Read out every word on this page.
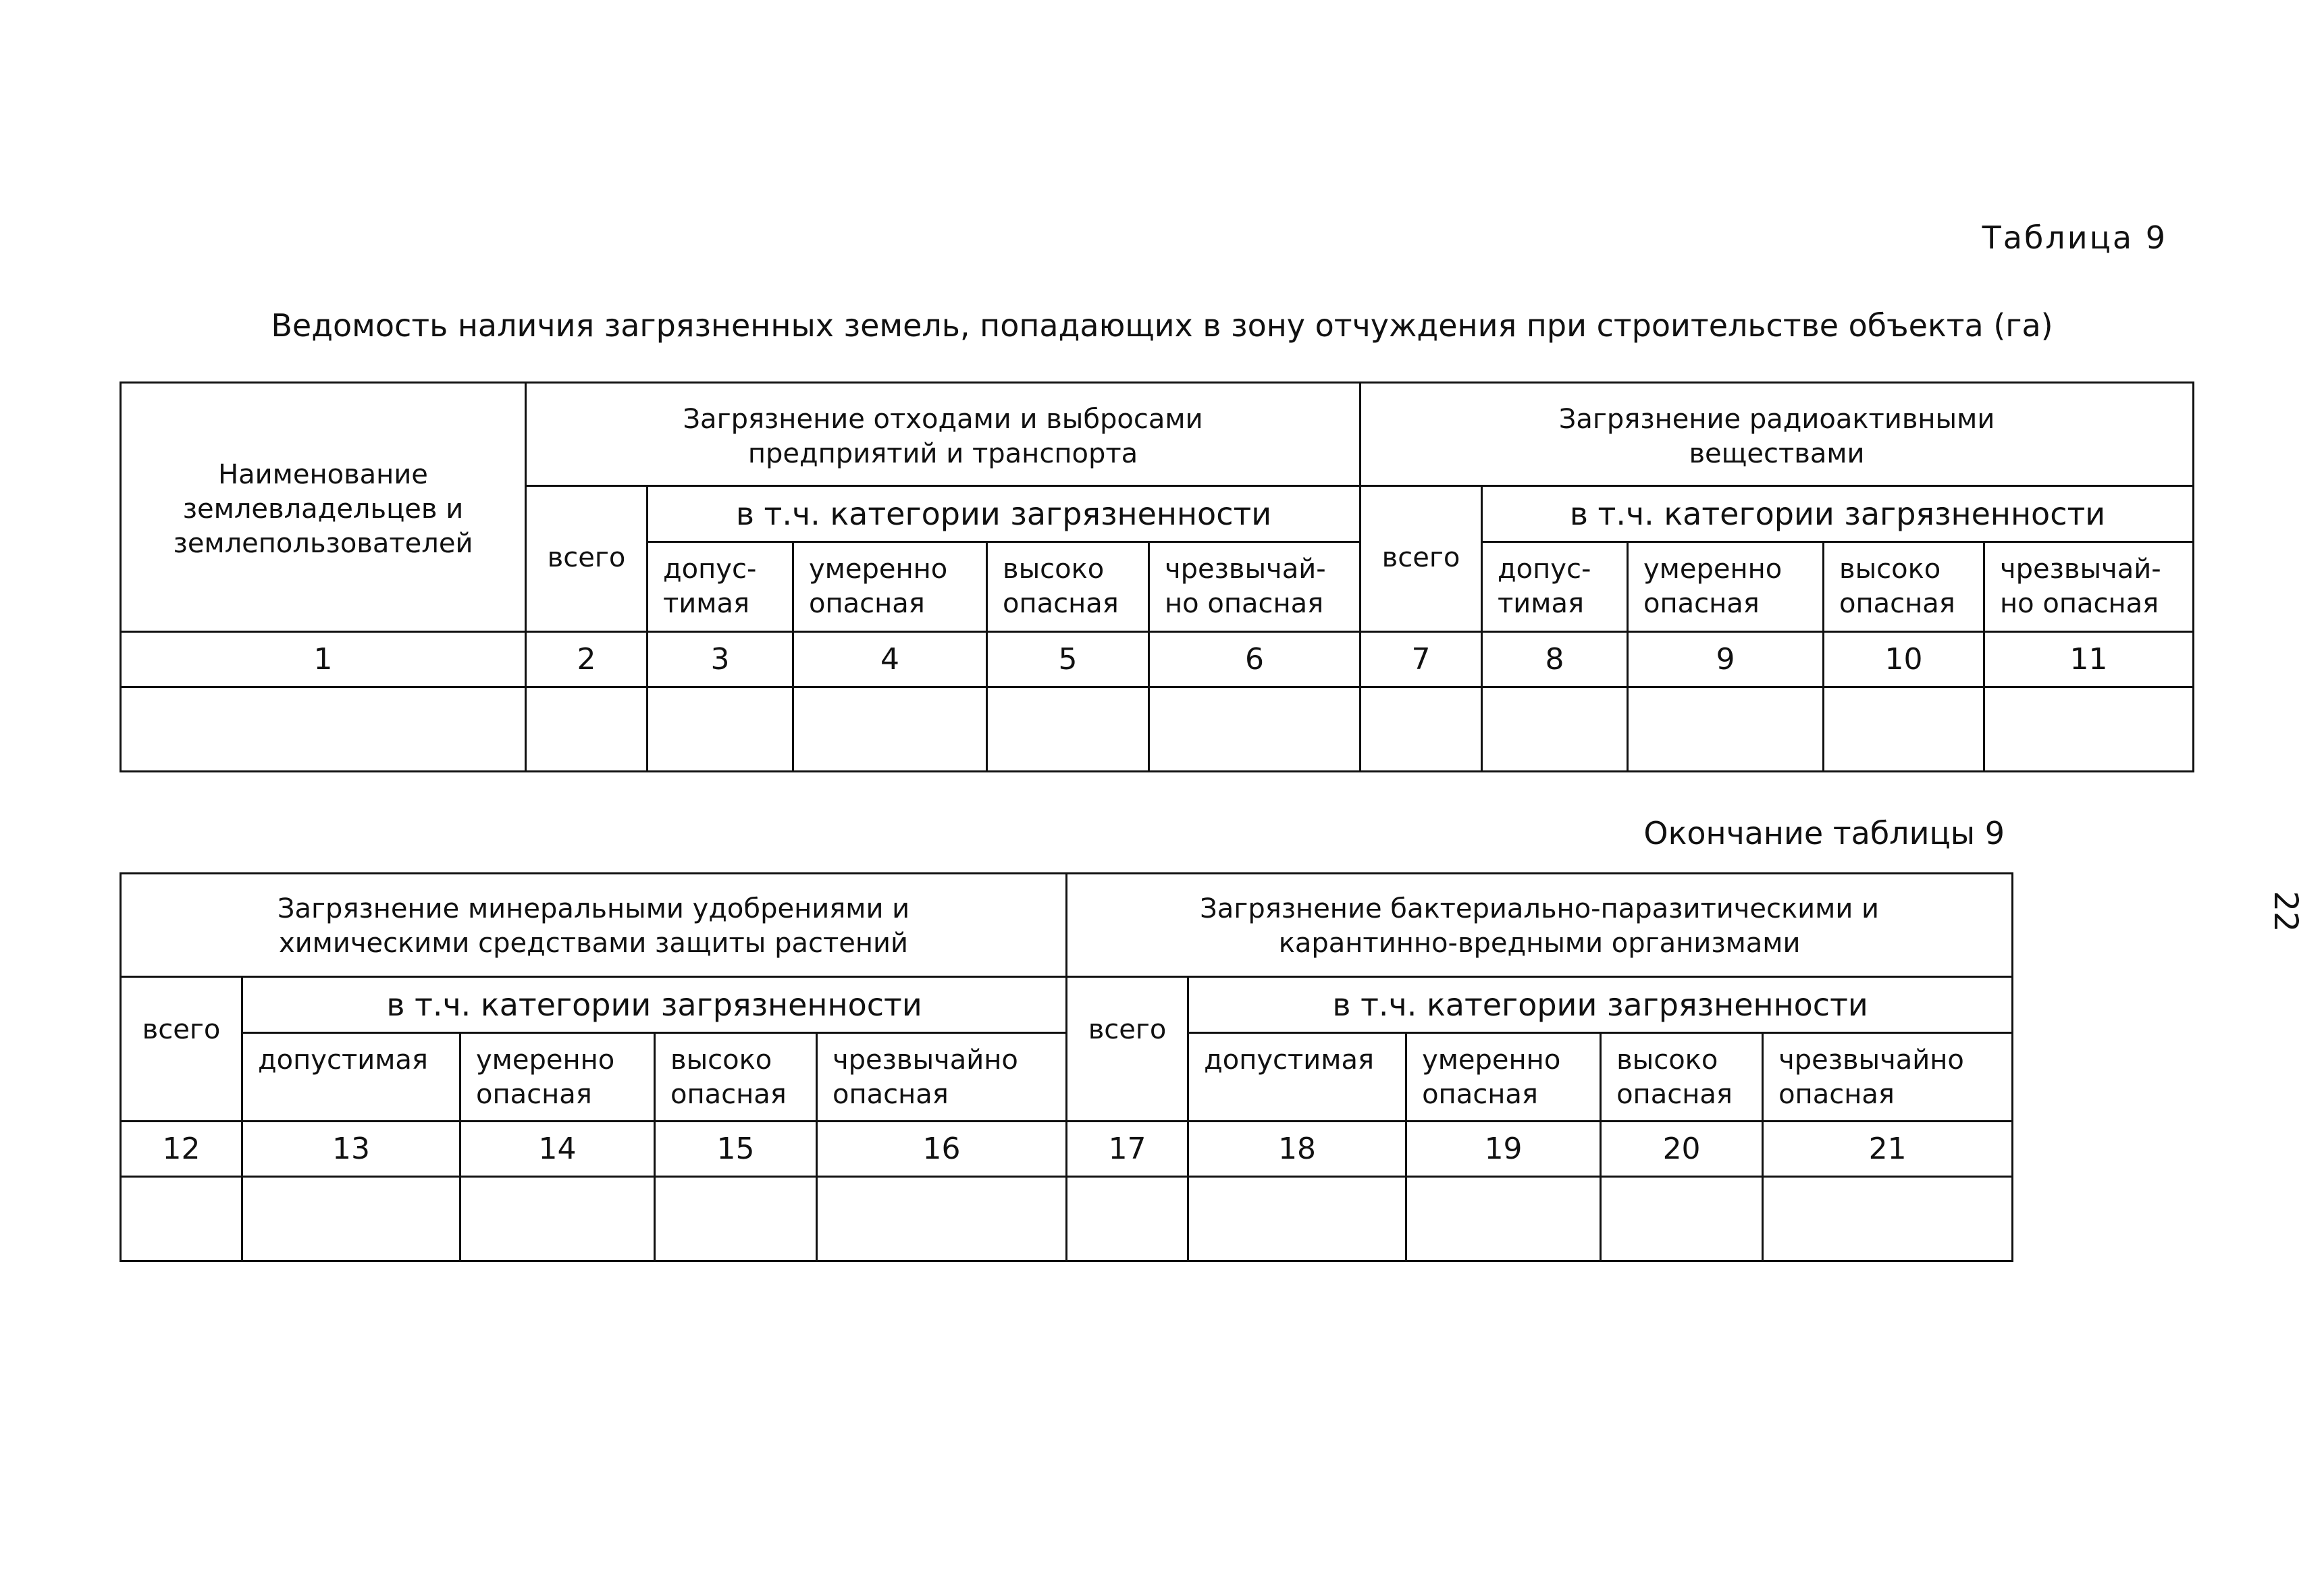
Таблица 9
Ведомость наличия загрязненных земель, попадающих в зону отчуждения при строительстве объекта (га)
Наименование землевладельцев и землепользователей	Загрязнение отходами и выбросами предприятий и транспорта					Загрязнение радиоактивными веществами				
	всего	в т.ч. категории загрязненности				всего	в т.ч. категории загрязненности			
		допус-тимая	умеренно опасная	высоко опасная	чрезвычай-но опасная		допус-тимая	умеренно опасная	высоко опасная	чрезвычай-но опасная
1	2	3	4	5	6	7	8	9	10	11

Окончание таблицы 9
Загрязнение минеральными удобрениями и химическими средствами защиты растений					Загрязнение бактериально-паразитическими и карантинно-вредными организмами				
всего	в т.ч. категории загрязненности				всего	в т.ч. категории загрязненности			
	допустимая	умеренно опасная	высоко опасная	чрезвычайно опасная		допустимая	умеренно опасная	высоко опасная	чрезвычайно опасная
12	13	14	15	16	17	18	19	20	21

22
